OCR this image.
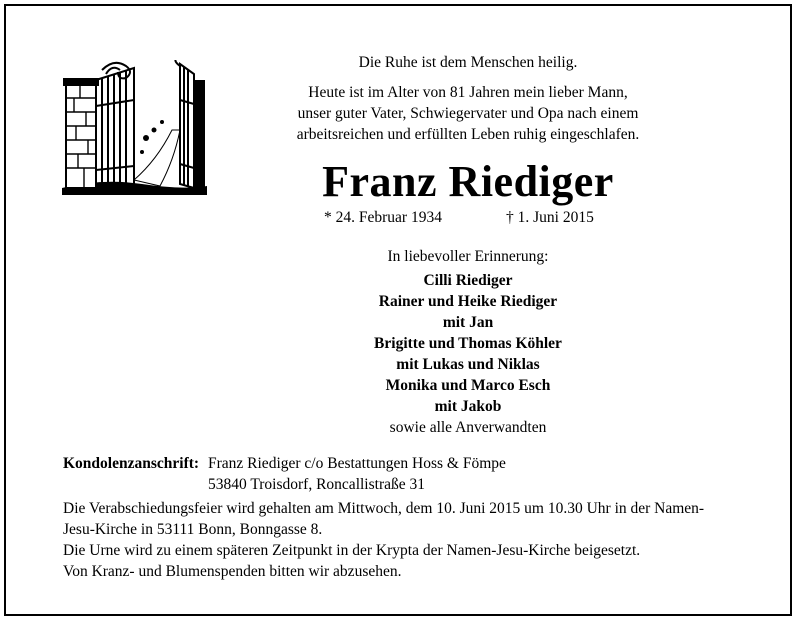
Die Ruhe ist dem Menschen heilig.
Heute ist im Alter von 81 Jahren mein lieber Mann,
unser guter Vater, Schwiegervater und Opa nach einem
arbeitsreichen und erfüllten Leben ruhig eingeschlafen.
Franz Riediger
* 24. Februar 1934	† 1. Juni 2015
In liebevoller Erinnerung:
Cilli Riediger
Rainer und Heike Riediger
mit Jan
Brigitte und Thomas Köhler
mit Lukas und Niklas
Monika und Marco Esch
mit Jakob
sowie alle Anverwandten
Kondolenzanschrift: Franz Riediger c/o Bestattungen Hoss & Fömpe
53840 Troisdorf, Roncallistraße 31
Die Verabschiedungsfeier wird gehalten am Mittwoch, dem 10. Juni 2015 um 10.30 Uhr in der Namen-
Jesu-Kirche in 53111 Bonn, Bonngasse 8.
Die Urne wird zu einem späteren Zeitpunkt in der Krypta der Namen-Jesu-Kirche beigesetzt.
Von Kranz- und Blumenspenden bitten wir abzusehen.
